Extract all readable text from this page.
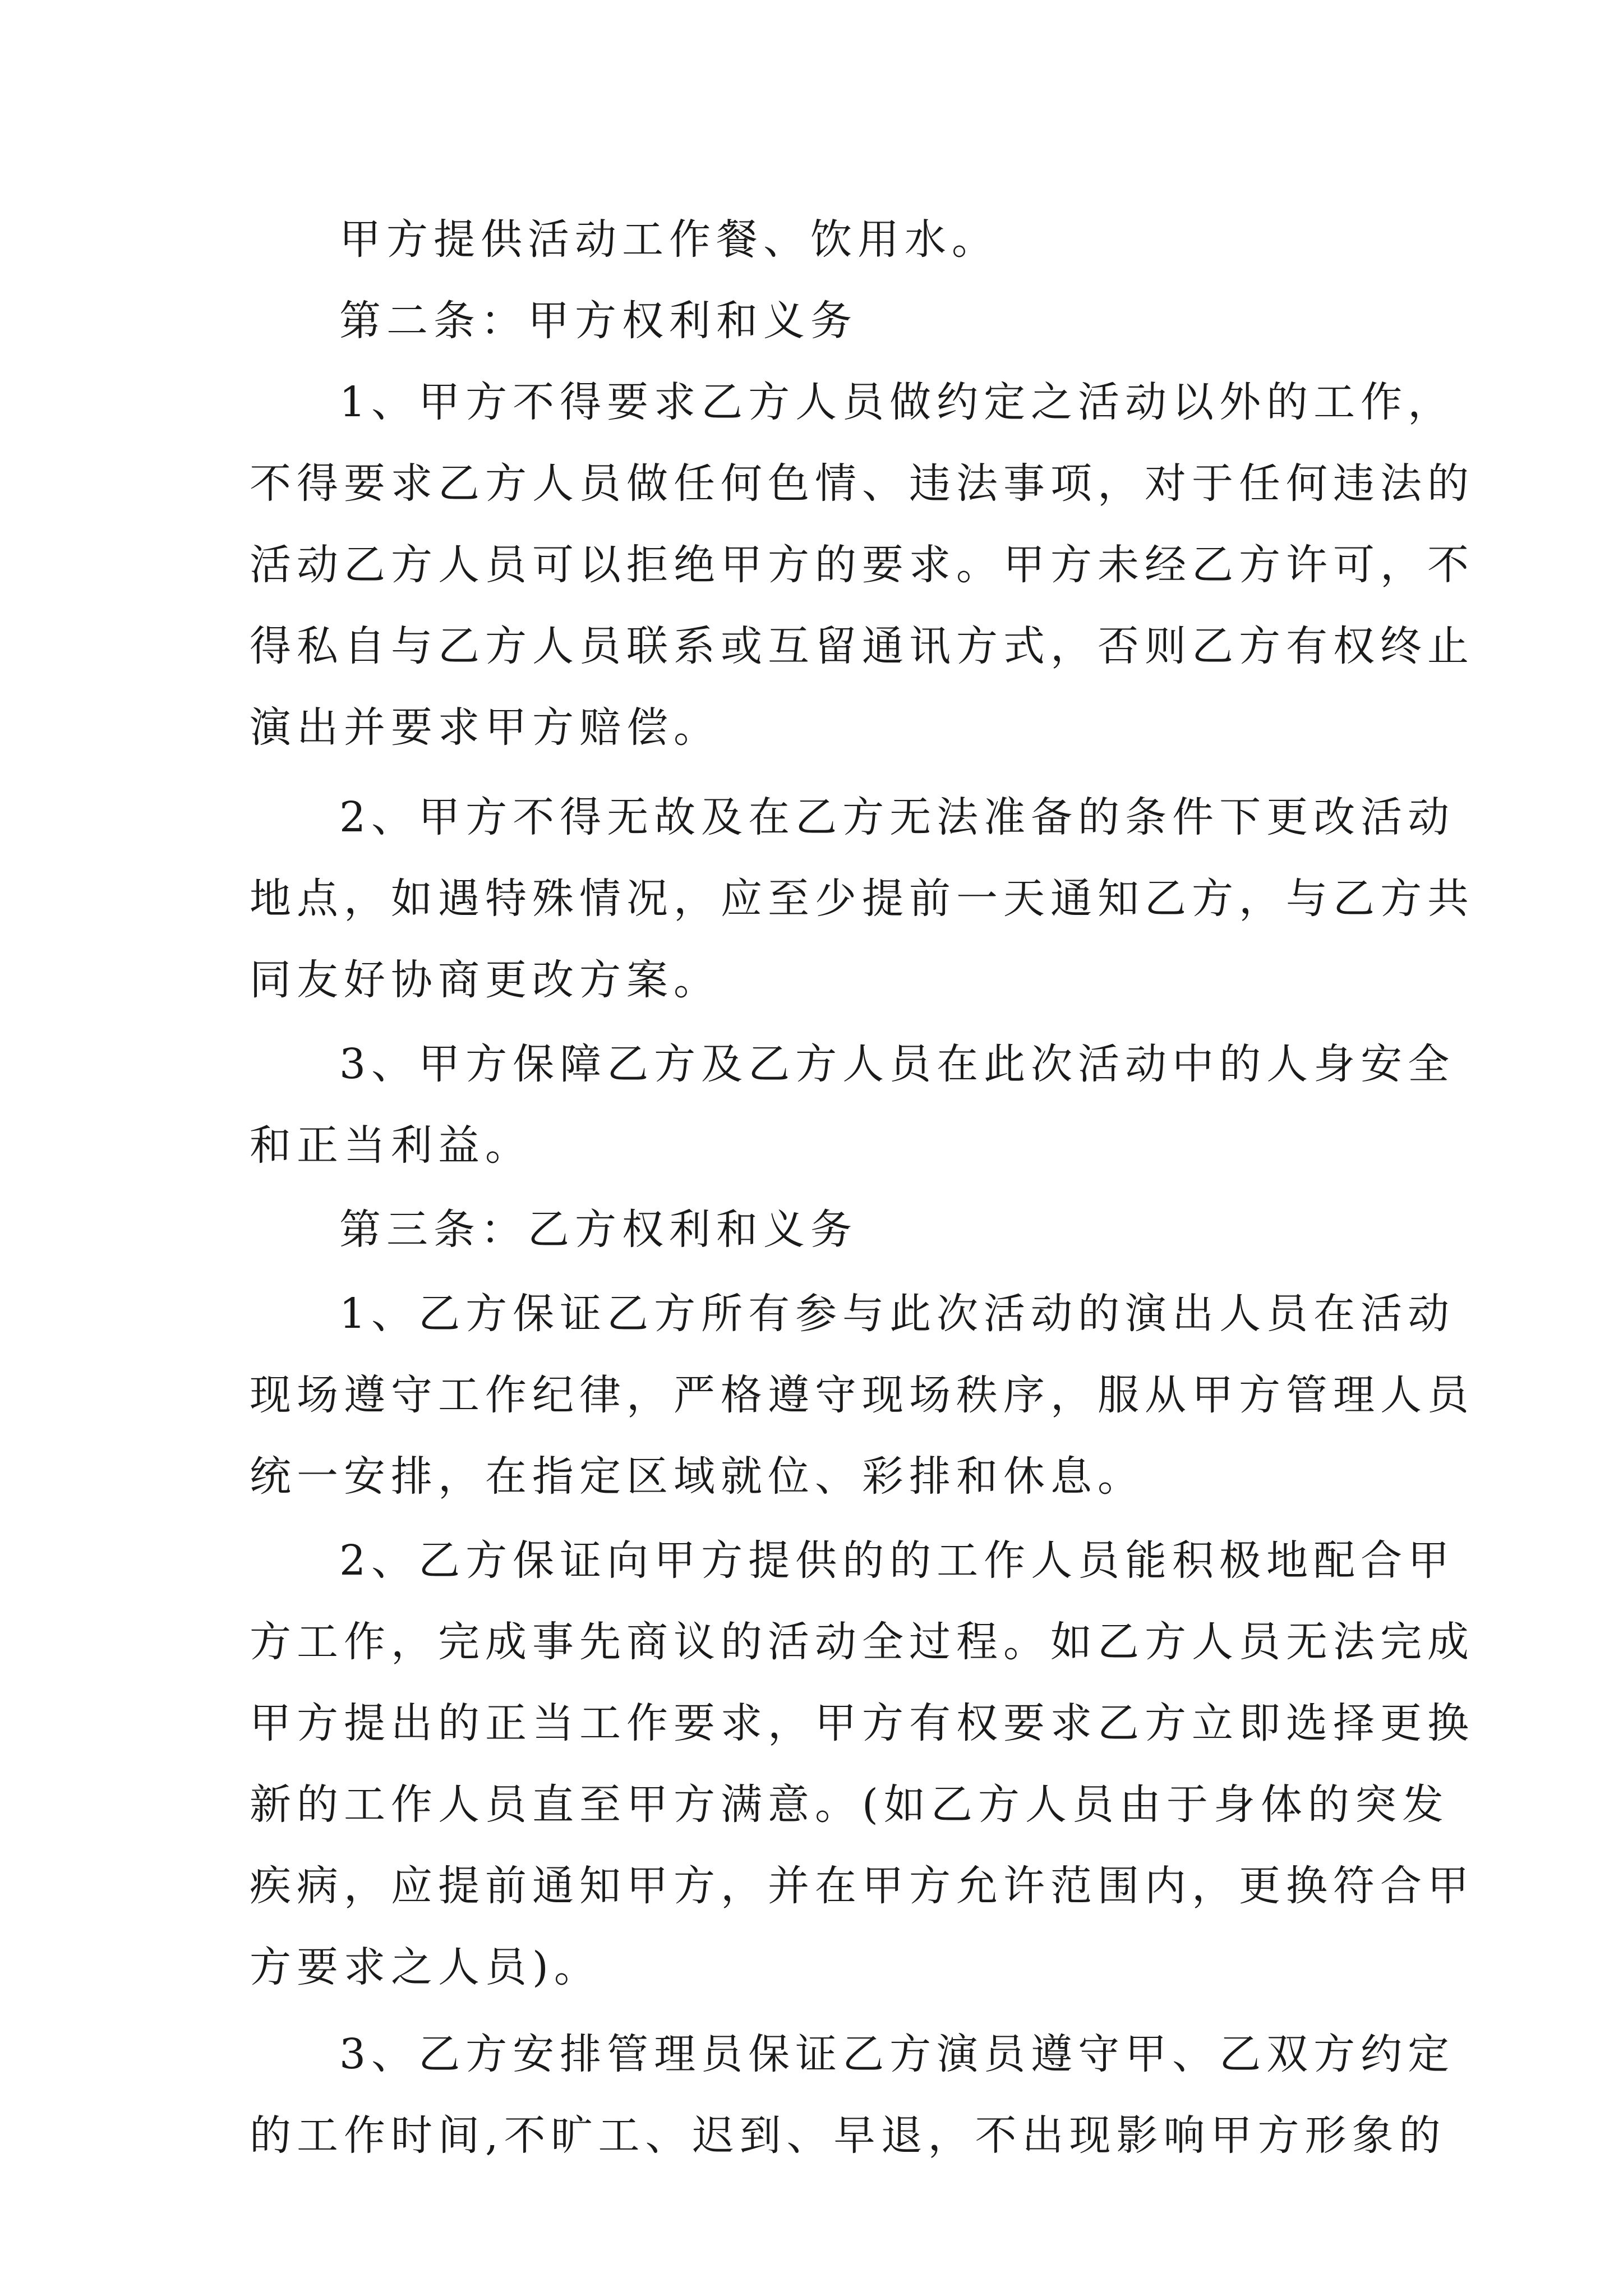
甲方提供活动工作餐、饮用水。
第二条：甲方权利和义务
1、甲方不得要求乙方人员做约定之活动以外的工作，
不得要求乙方人员做任何色情、违法事项，对于任何违法的
活动乙方人员可以拒绝甲方的要求。甲方未经乙方许可，不
得私自与乙方人员联系或互留通讯方式，否则乙方有权终止
演出并要求甲方赔偿。
2、甲方不得无故及在乙方无法准备的条件下更改活动
地点，如遇特殊情况，应至少提前一天通知乙方，与乙方共
同友好协商更改方案。
3、甲方保障乙方及乙方人员在此次活动中的人身安全
和正当利益。
第三条：乙方权利和义务
1、乙方保证乙方所有参与此次活动的演出人员在活动
现场遵守工作纪律，严格遵守现场秩序，服从甲方管理人员
统一安排，在指定区域就位、彩排和休息。
2、乙方保证向甲方提供的的工作人员能积极地配合甲
方工作，完成事先商议的活动全过程。如乙方人员无法完成
甲方提出的正当工作要求，甲方有权要求乙方立即选择更换
新的工作人员直至甲方满意。(如乙方人员由于身体的突发
疾病，应提前通知甲方，并在甲方允许范围内，更换符合甲
方要求之人员)。
3、乙方安排管理员保证乙方演员遵守甲、乙双方约定
的工作时间,不旷工、迟到、早退，不出现影响甲方形象的
